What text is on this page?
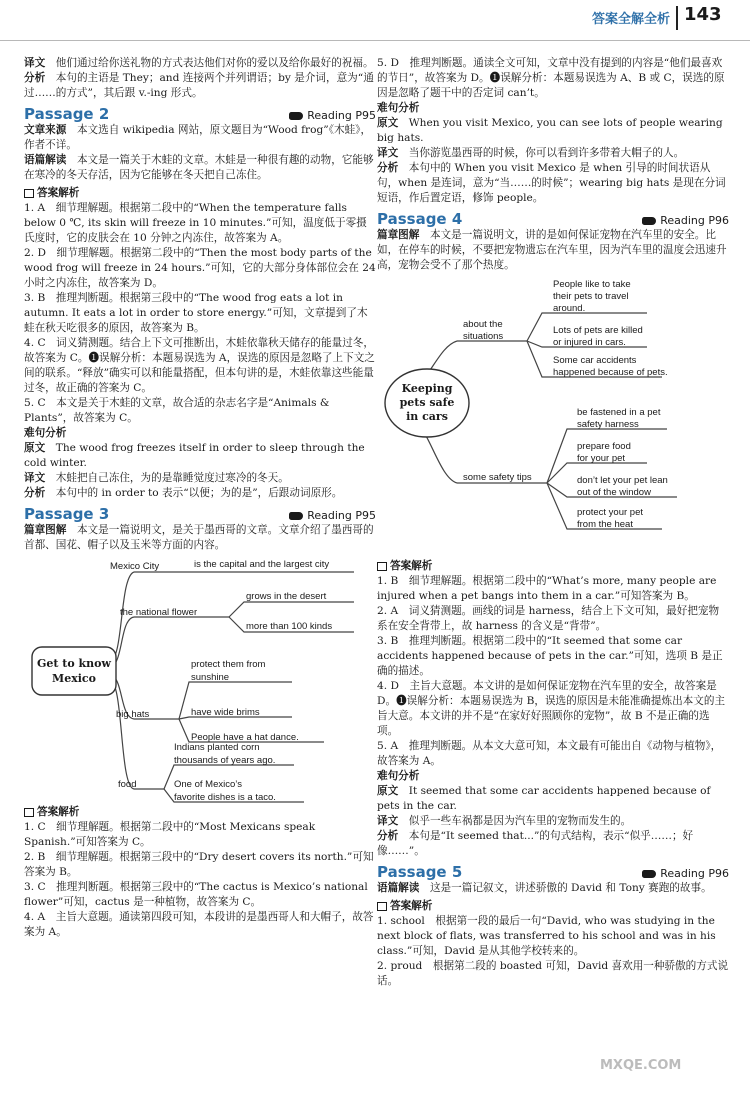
答案全解全析 143

译文　 他们通过给你送礼物的方式表达他们对你的爱以及给你最好的祝福。

分析　 本句的主语是 They；and 连接两个并列谓语；by 是介词，意为“通过……的方式”，其后跟 v.-ing 形式。

Passage 2	Reading P95

文章来源　 本文选自 wikipedia 网站，原文题目为“Wood frog”《木蛙》，作者不详。

语篇解读　 本文是一篇关于木蛙的文章。木蛙是一种很有趣的动物，它能够在寒冷的冬天存活，因为它能够在冬天把自己冻住。

答案解析

1. A　细节理解题。根据第二段中的“When the temperature falls below 0 ℃, its skin will freeze in 10 minutes.”可知，温度低于零摄氏度时，它的皮肤会在 10 分钟之内冻住，故答案为 A。

2. D　细节理解题。根据第二段中的“Then the most body parts of the wood frog will freeze in 24 hours.”可知，它的大部分身体部位会在 24 小时之内冻住，故答案为 D。

3. B　推理判断题。根据第三段中的“The wood frog eats a lot in autumn. It eats a lot in order to store energy.”可知，文章提到了木蛙在秋天吃很多的原因，故答案为 B。

4. C　词义猜测题。结合上下文可推断出，木蛙依靠秋天储存的能量过冬，故答案为 C。❶误解分析：本题易误选为 A，误选的原因是忽略了上下文之间的联系。“释放”确实可以和能量搭配，但本句讲的是，木蛙依靠这些能量过冬，故正确的答案为 C。

5. C　本文是关于木蛙的文章，故合适的杂志名字是“Animals & Plants”，故答案为 C。

难句分析

原文　 The wood frog freezes itself in order to sleep through the cold winter.

译文　 木蛙把自己冻住，为的是靠睡觉度过寒冷的冬天。

分析　 本句中的 in order to 表示“以便；为的是”，后跟动词原形。

Passage 3	Reading P95

篇章图解　 本文是一篇说明文，是关于墨西哥的文章。文章介绍了墨西哥的首都、国花、帽子以及玉米等方面的内容。

Get to know
Mexico
Mexico City	is the capital and the largest city
the national flower
grows in the desert
more than 100 kinds
big hats
protect them from
sunshine
have wide brims
People have a hat dance.
food
Indians planted corn
thousands of years ago.
One of Mexico’s
favorite dishes is a taco.

答案解析

1. C　细节理解题。根据第二段中的“Most Mexicans speak Spanish.”可知答案为 C。

2. B　细节理解题。根据第三段中的“Dry desert covers its north.”可知答案为 B。

3. C　推理判断题。根据第三段中的“The cactus is Mexico’s national flower”可知，cactus 是一种植物，故答案为 C。

4. A　主旨大意题。通读第四段可知，本段讲的是墨西哥人和大帽子，故答案为 A。

5. D　推理判断题。通读全文可知，文章中没有提到的内容是“他们最喜欢的节日”，故答案为 D。❶误解分析：本题易误选为 A、B 或 C，误选的原因是忽略了题干中的否定词 can’t。

难句分析

原文　 When you visit Mexico, you can see lots of people wearing big hats.

译文　 当你游览墨西哥的时候，你可以看到许多带着大帽子的人。

分析　 本句中的 When you visit Mexico 是 when 引导的时间状语从句，when 是连词，意为“当……的时候”；wearing big hats 是现在分词短语，作后置定语，修饰 people。

Passage 4	Reading P96

篇章图解　 本文是一篇说明文，讲的是如何保证宠物在汽车里的安全。比如，在停车的时候，不要把宠物遗忘在汽车里，因为汽车里的温度会迅速升高，宠物会受不了那个热度。

Keeping
pets safe
in cars
about the
situations
People like to take
their pets to travel
around.
Lots of pets are killed
or injured in cars.
Some car accidents
happened because of pets.
some safety tips
be fastened in a pet
safety harness
prepare food
for your pet
don’t let your pet lean
out of the window
protect your pet
from the heat

答案解析

1. B　细节理解题。根据第二段中的“What’s more, many people are injured when a pet bangs into them in a car.”可知答案为 B。

2. A　词义猜测题。画线的词是 harness，结合上下文可知，最好把宠物系在安全背带上，故 harness 的含义是“背带”。

3. B　推理判断题。根据第二段中的“It seemed that some car accidents happened because of pets in the car.”可知，选项 B 是正确的描述。

4. D　主旨大意题。本文讲的是如何保证宠物在汽车里的安全，故答案是 D。❶误解分析：本题易误选为 B，误选的原因是未能准确提炼出本文的主旨大意。本文讲的并不是“在家好好照顾你的宠物”，故 B 不是正确的选项。

5. A　推理判断题。从本文大意可知，本文最有可能出自《动物与植物》，故答案为 A。

难句分析

原文　 It seemed that some car accidents happened because of pets in the car.

译文　 似乎一些车祸都是因为汽车里的宠物而发生的。

分析　 本句是“It seemed that...”的句式结构，表示“似乎……；好像……”。

Passage 5	Reading P96

语篇解读　 这是一篇记叙文，讲述骄傲的 David 和 Tony 赛跑的故事。

答案解析

1. school　根据第一段的最后一句“David, who was studying in the next block of flats, was transferred to his school and was in his class.”可知，David 是从其他学校转来的。

2. proud　根据第二段的 boasted 可知，David 喜欢用一种骄傲的方式说话。

MXQE.COM
